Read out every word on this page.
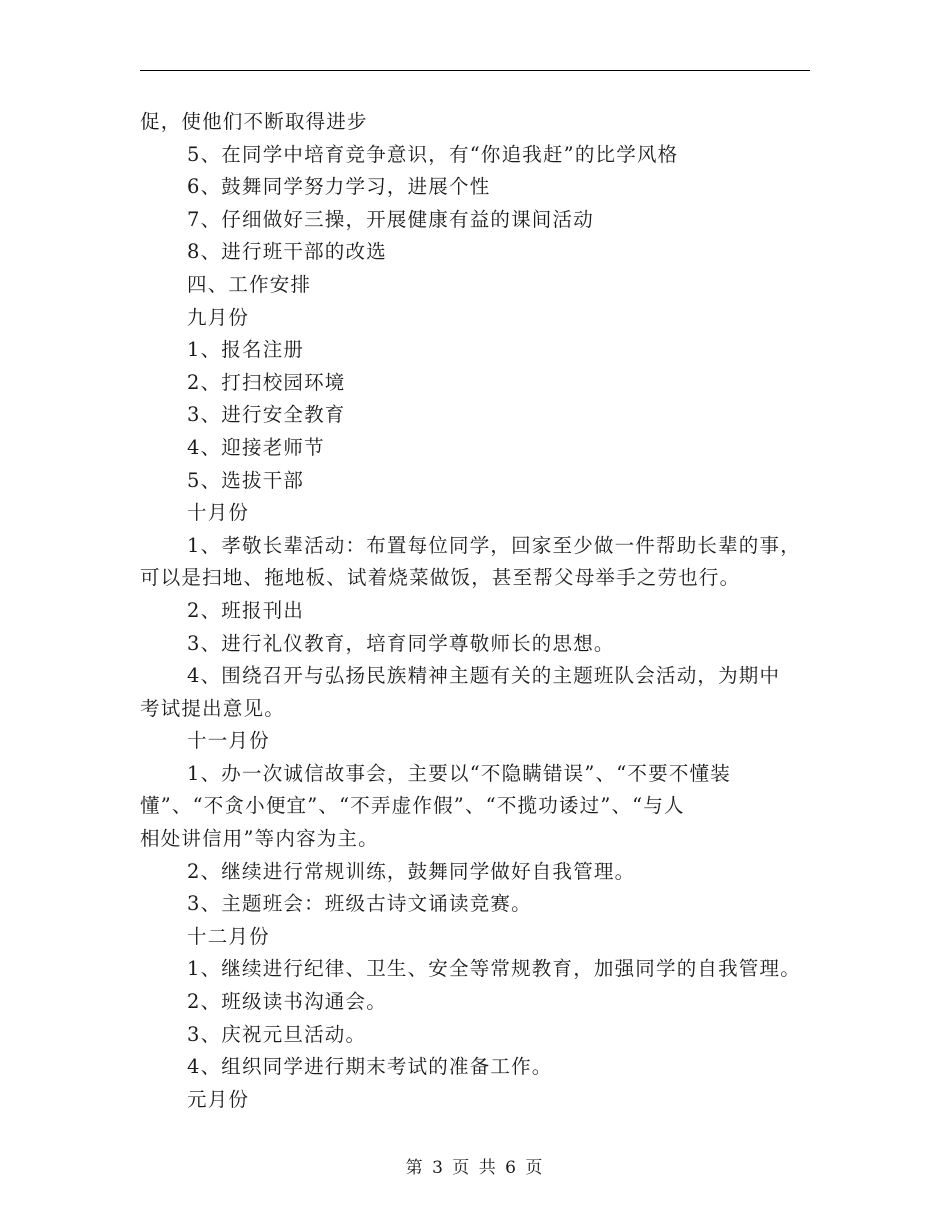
促，使他们不断取得进步
5、在同学中培育竞争意识，有“你追我赶”的比学风格
6、鼓舞同学努力学习，进展个性
7、仔细做好三操，开展健康有益的课间活动
8、进行班干部的改选
四、工作安排
九月份
1、报名注册
2、打扫校园环境
3、进行安全教育
4、迎接老师节
5、选拔干部
十月份
1、孝敬长辈活动：布置每位同学，回家至少做一件帮助长辈的事，
可以是扫地、拖地板、试着烧菜做饭，甚至帮父母举手之劳也行。
2、班报刊出
3、进行礼仪教育，培育同学尊敬师长的思想。
4、围绕召开与弘扬民族精神主题有关的主题班队会活动，为期中
考试提出意见。
十一月份
1、办一次诚信故事会，主要以“不隐瞒错误”、“不要不懂装
懂”、“不贪小便宜”、“不弄虚作假”、“不揽功诿过”、“与人
相处讲信用”等内容为主。
2、继续进行常规训练，鼓舞同学做好自我管理。
3、主题班会：班级古诗文诵读竞赛。
十二月份
1、继续进行纪律、卫生、安全等常规教育，加强同学的自我管理。
2、班级读书沟通会。
3、庆祝元旦活动。
4、组织同学进行期末考试的准备工作。
元月份
第 3 页 共 6 页
